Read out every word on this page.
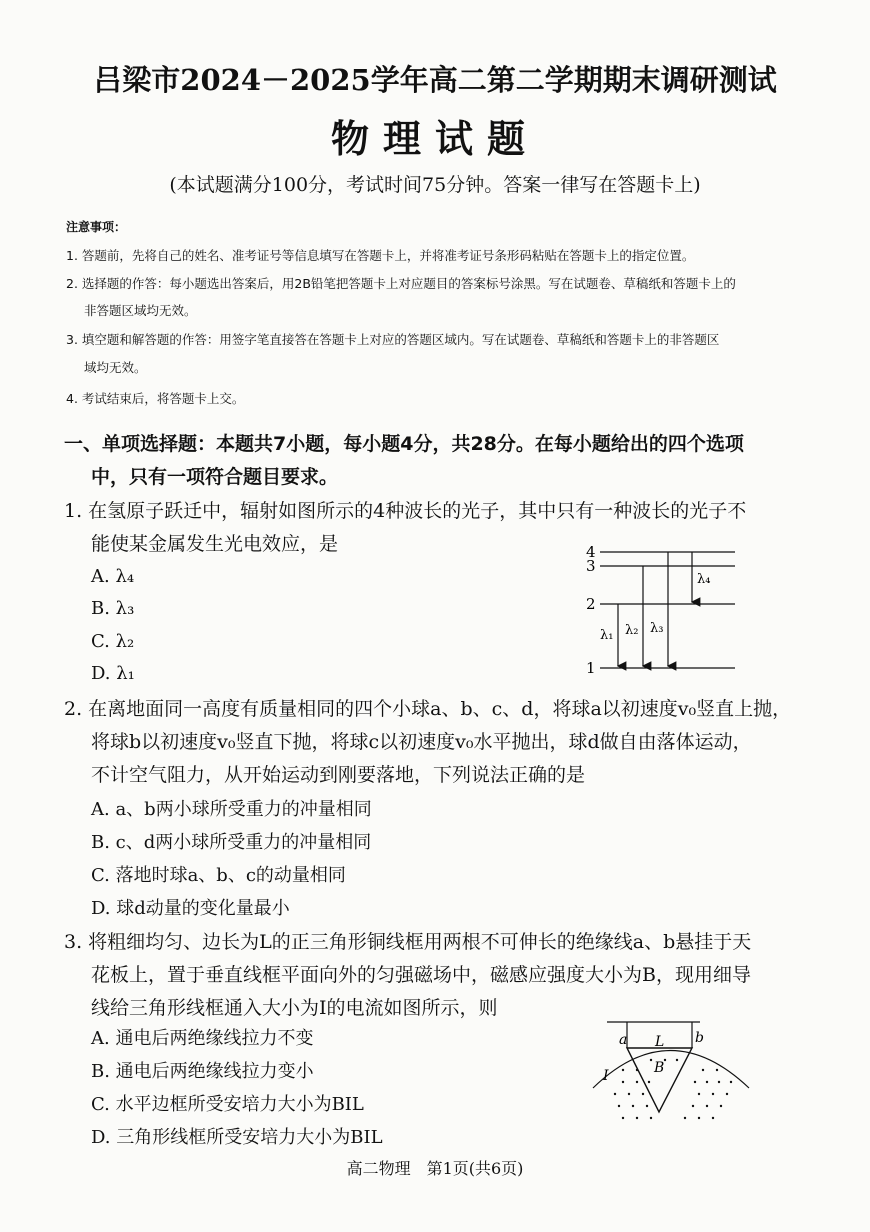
吕梁市2024－2025学年高二第二学期期末调研测试
物理试题
(本试题满分100分，考试时间75分钟。答案一律写在答题卡上)
注意事项：
1. 答题前，先将自己的姓名、准考证号等信息填写在答题卡上，并将准考证号条形码粘贴在答题卡上的指定位置。
2. 选择题的作答：每小题选出答案后，用2B铅笔把答题卡上对应题目的答案标号涂黑。写在试题卷、草稿纸和答题卡上的
非答题区域均无效。
3. 填空题和解答题的作答：用签字笔直接答在答题卡上对应的答题区域内。写在试题卷、草稿纸和答题卡上的非答题区
域均无效。
4. 考试结束后，将答题卡上交。
一、单项选择题：本题共7小题，每小题4分，共28分。在每小题给出的四个选项
中，只有一项符合题目要求。
1. 在氢原子跃迁中，辐射如图所示的4种波长的光子，其中只有一种波长的光子不
能使某金属发生光电效应，是
A. λ₄
B. λ₃
C. λ₂
D. λ₁
4
3
2
1
λ₁ λ₂ λ₃
λ₄
2. 在离地面同一高度有质量相同的四个小球a、b、c、d，将球a以初速度v₀竖直上抛，
将球b以初速度v₀竖直下抛，将球c以初速度v₀水平抛出，球d做自由落体运动，
不计空气阻力，从开始运动到刚要落地，下列说法正确的是
A. a、b两小球所受重力的冲量相同
B. c、d两小球所受重力的冲量相同
C. 落地时球a、b、c的动量相同
D. 球d动量的变化量最小
3. 将粗细均匀、边长为L的正三角形铜线框用两根不可伸长的绝缘线a、b悬挂于天
花板上，置于垂直线框平面向外的匀强磁场中，磁感应强度大小为B，现用细导
线给三角形线框通入大小为I的电流如图所示，则
A. 通电后两绝缘线拉力不变
B. 通电后两绝缘线拉力变小
C. 水平边框所受安培力大小为BIL
D. 三角形线框所受安培力大小为BIL
a	b
L
B
I
高二物理　第1页(共6页)
